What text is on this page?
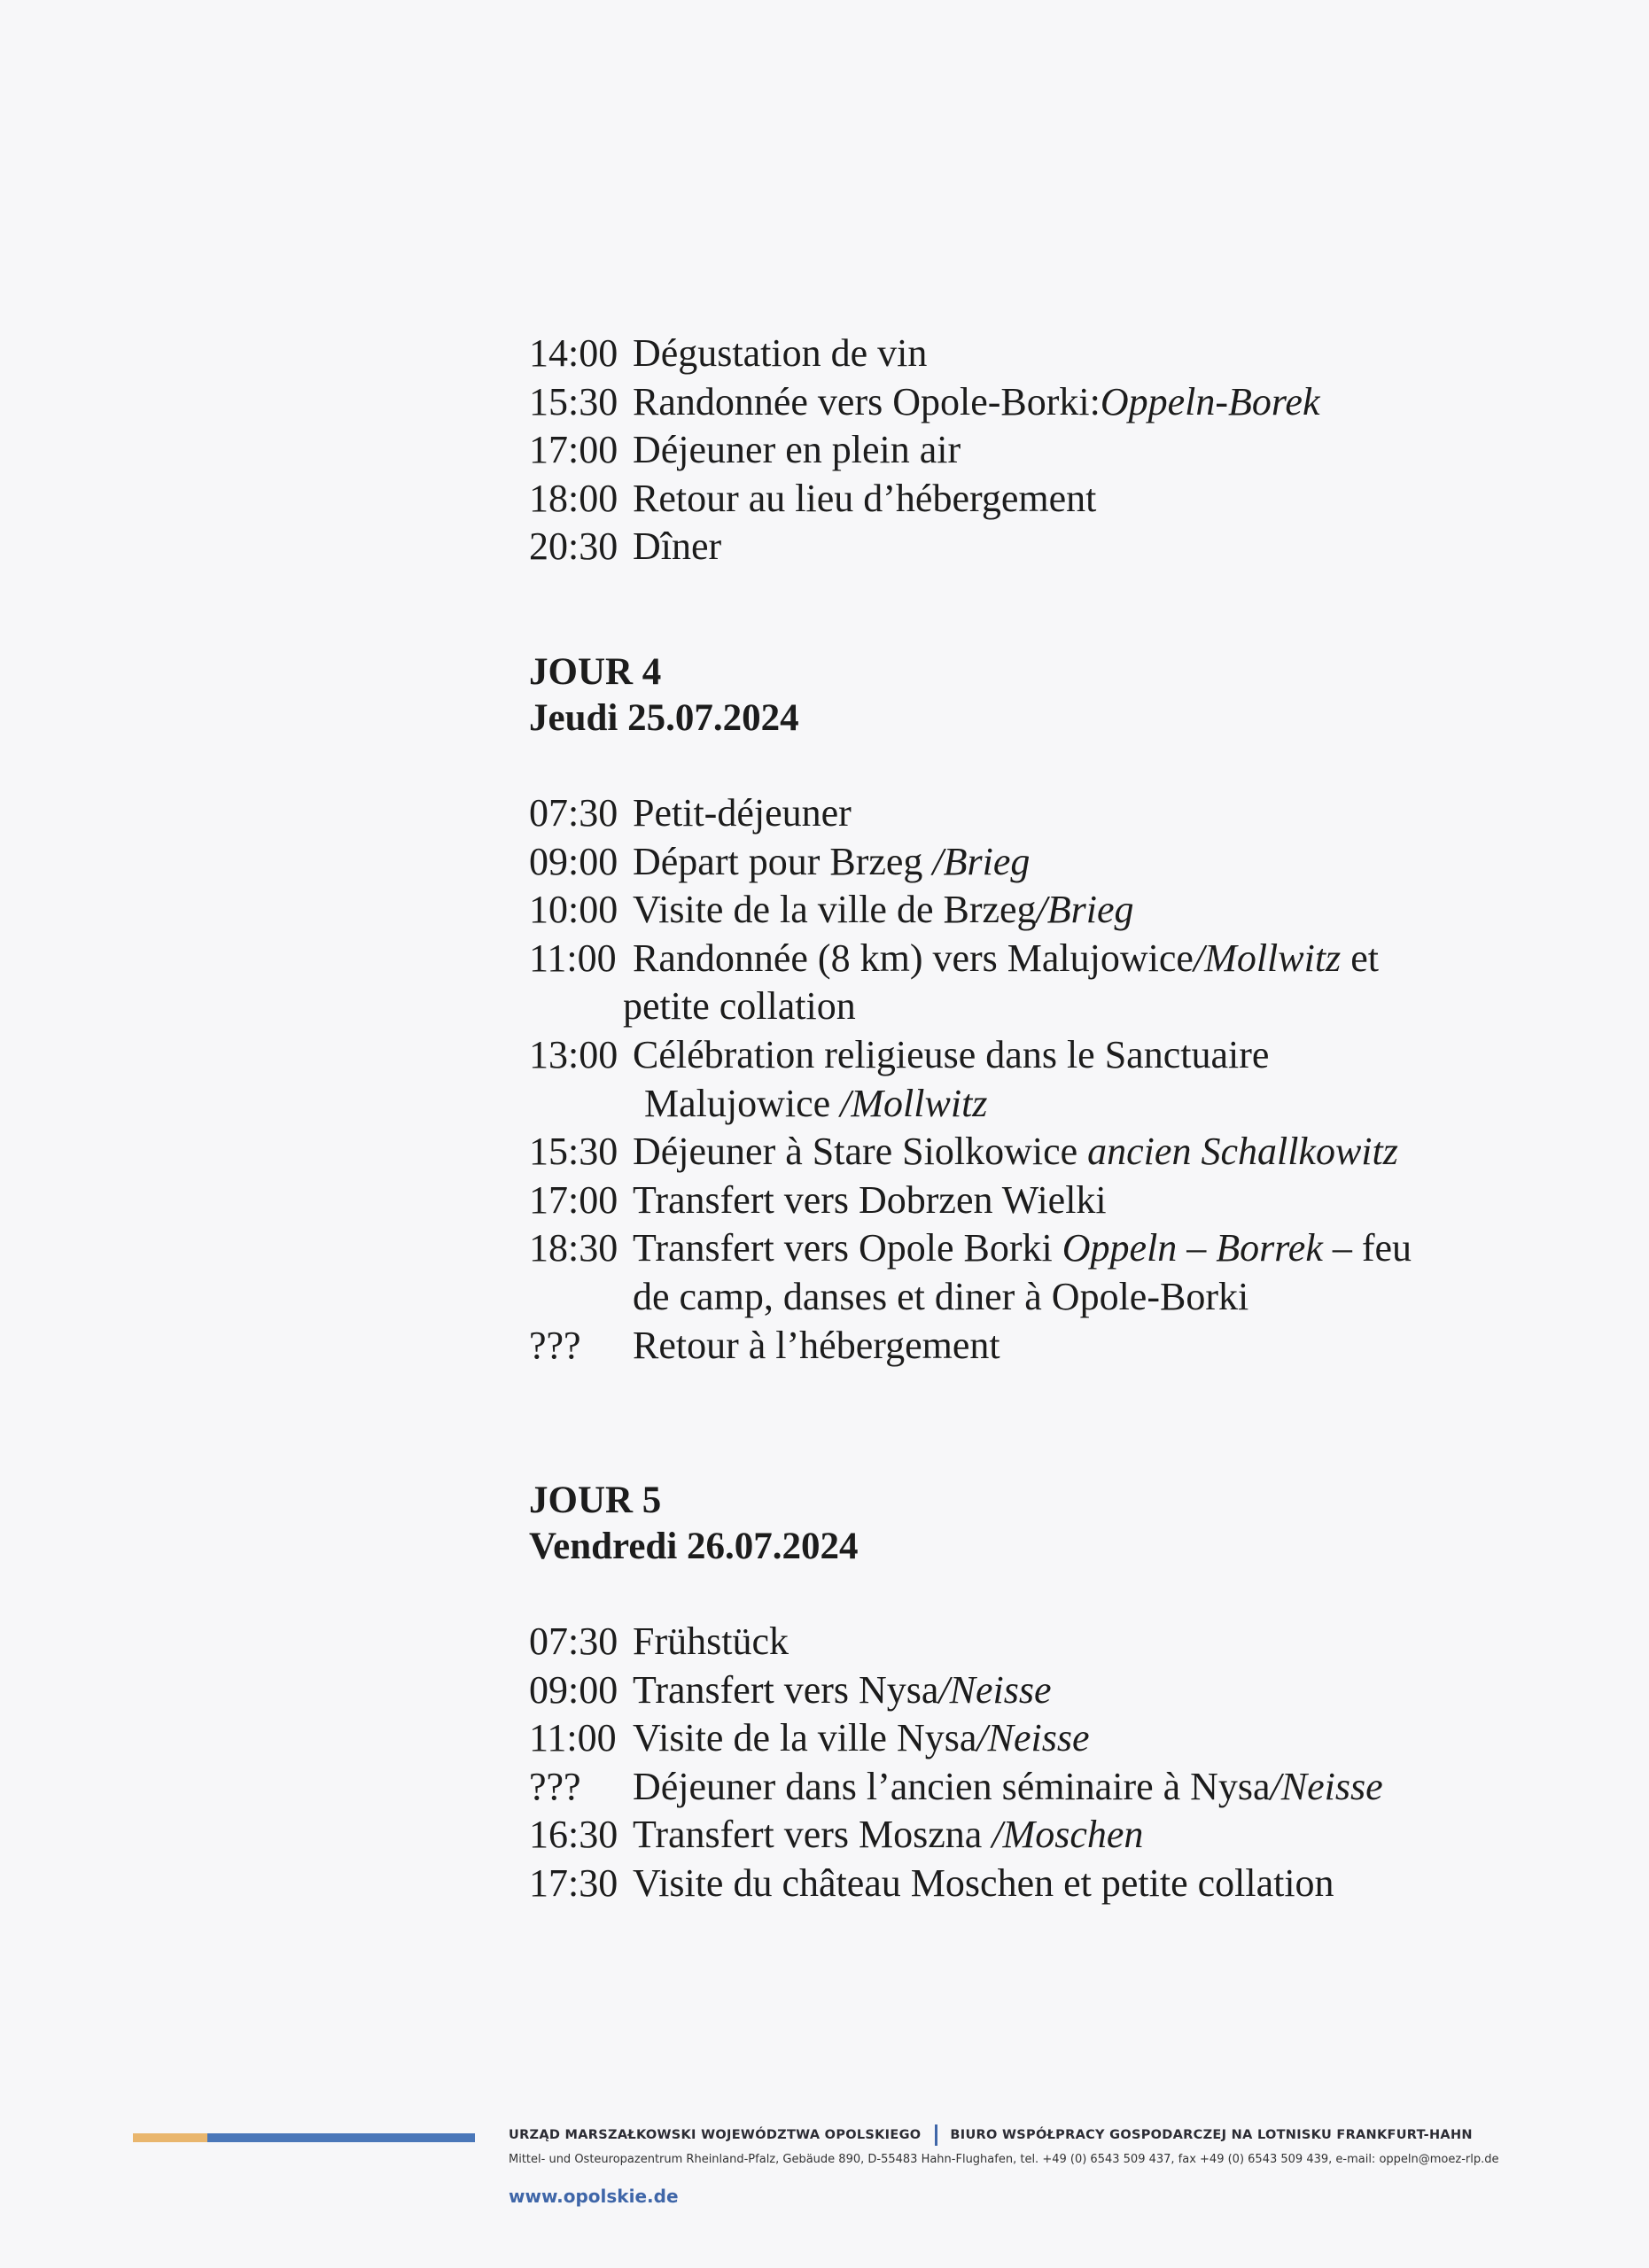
14:00 Dégustation de vin
15:30 Randonnée vers Opole-Borki:Oppeln-Borek
17:00 Déjeuner en plein air
18:00 Retour au lieu d’hébergement
20:30 Dîner
JOUR 4
Jeudi 25.07.2024
07:30 Petit-déjeuner
09:00 Départ pour Brzeg /Brieg
10:00 Visite de la ville de Brzeg/Brieg
11:00 Randonnée (8 km) vers Malujowice/Mollwitz et
petite collation
13:00 Célébration religieuse dans le Sanctuaire
Malujowice /Mollwitz
15:30 Déjeuner à Stare Siolkowice ancien Schallkowitz
17:00 Transfert vers Dobrzen Wielki
18:30 Transfert vers Opole Borki Oppeln – Borrek – feu
de camp, danses et diner à Opole-Borki
??? Retour à l’hébergement
JOUR 5
Vendredi 26.07.2024
07:30 Frühstück
09:00 Transfert vers Nysa/Neisse
11:00 Visite de la ville Nysa/Neisse
??? Déjeuner dans l’ancien séminaire à Nysa/Neisse
16:30 Transfert vers Moszna /Moschen
17:30 Visite du château Moschen et petite collation
URZĄD MARSZAŁKOWSKI WOJEWÓDZTWA OPOLSKIEGO BIURO WSPÓŁPRACY GOSPODARCZEJ NA LOTNISKU FRANKFURT-HAHN
Mittel- und Osteuropazentrum Rheinland-Pfalz, Gebäude 890, D-55483 Hahn-Flughafen, tel. +49 (0) 6543 509 437, fax +49 (0) 6543 509 439, e-mail: oppeln@moez-rlp.de
www.opolskie.de
